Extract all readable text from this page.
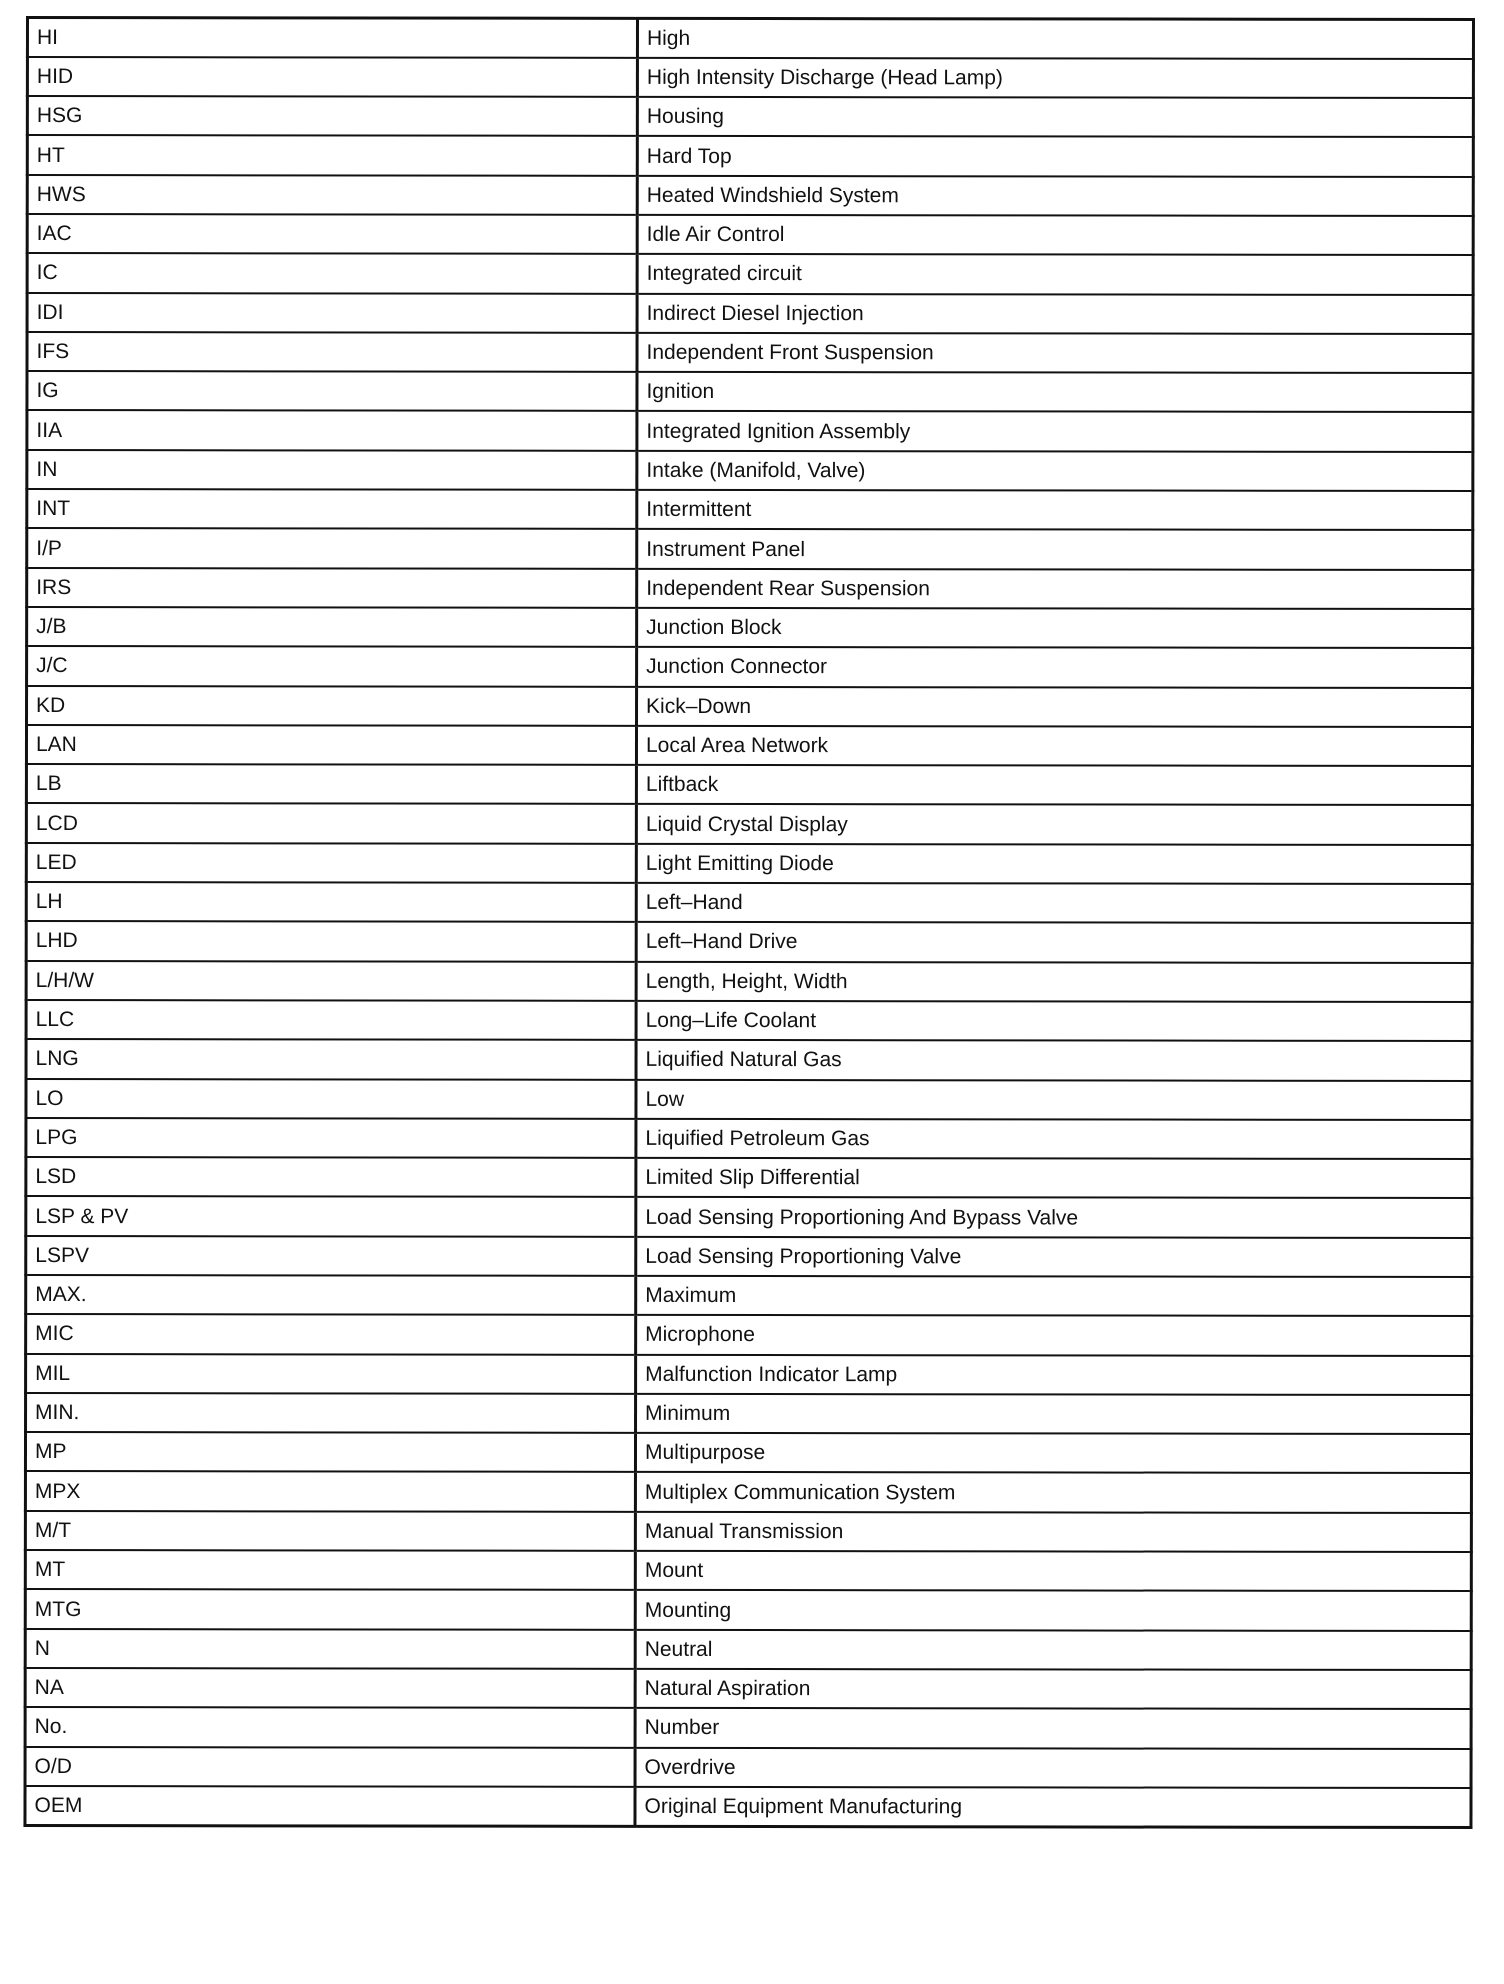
HI	High
HID	High Intensity Discharge (Head Lamp)
HSG	Housing
HT	Hard Top
HWS	Heated Windshield System
IAC	Idle Air Control
IC	Integrated circuit
IDI	Indirect Diesel Injection
IFS	Independent Front Suspension
IG	Ignition
IIA	Integrated Ignition Assembly
IN	Intake (Manifold, Valve)
INT	Intermittent
I/P	Instrument Panel
IRS	Independent Rear Suspension
J/B	Junction Block
J/C	Junction Connector
KD	Kick–Down
LAN	Local Area Network
LB	Liftback
LCD	Liquid Crystal Display
LED	Light Emitting Diode
LH	Left–Hand
LHD	Left–Hand Drive
L/H/W	Length, Height, Width
LLC	Long–Life Coolant
LNG	Liquified Natural Gas
LO	Low
LPG	Liquified Petroleum Gas
LSD	Limited Slip Differential
LSP & PV	Load Sensing Proportioning And Bypass Valve
LSPV	Load Sensing Proportioning Valve
MAX.	Maximum
MIC	Microphone
MIL	Malfunction Indicator Lamp
MIN.	Minimum
MP	Multipurpose
MPX	Multiplex Communication System
M/T	Manual Transmission
MT	Mount
MTG	Mounting
N	Neutral
NA	Natural Aspiration
No.	Number
O/D	Overdrive
OEM	Original Equipment Manufacturing
